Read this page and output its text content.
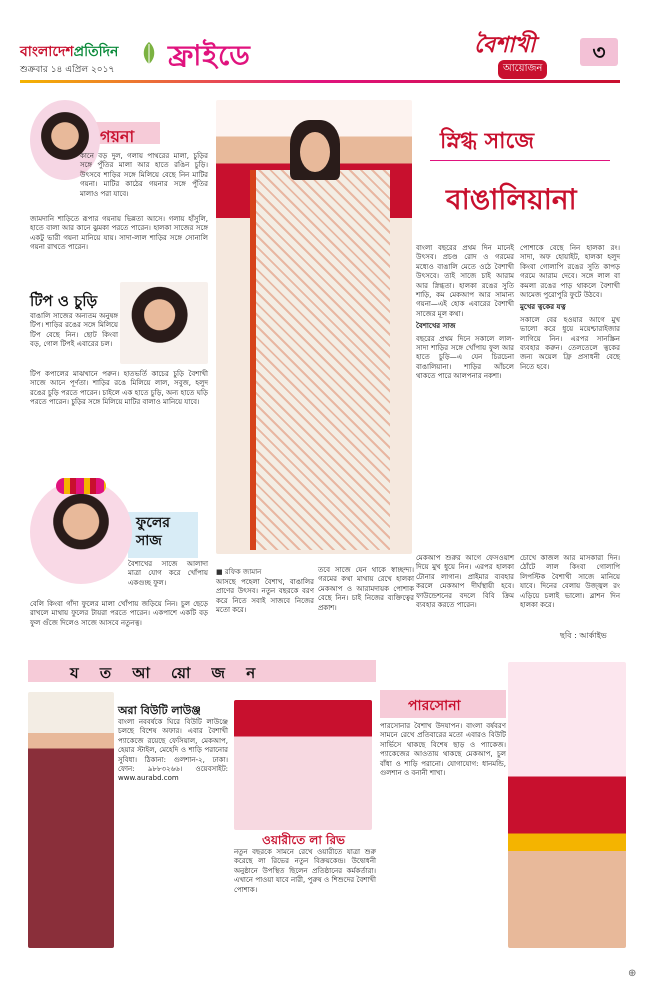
বাংলাদেশপ্রতিদিন
শুক্রবার ১৪ এপ্রিল ২০১৭ ফ্রাইডে	বৈশাখী
আয়োজন
৩
গয়না
কানে বড় দুল, গলায় পাথরের মালা, চুড়ির সঙ্গে পুঁতির মালা আর হাতে রঙিন চুড়ি। উৎসবে শাড়ির সঙ্গে মিলিয়ে বেছে নিন মাটির গয়না। মাটির কাঠের গয়নার সঙ্গে পুঁতির মালাও পরা যাবে।
জামদানি শাড়িতে রূপার গয়নায় ভিন্নতা আসে। গলায় হাঁসুলি, হাতে বালা আর কানে ঝুমকা পরতে পারেন। হালকা সাজের সঙ্গে একটু ভারী গয়না মানিয়ে যায়। সাদা-লাল শাড়ির সঙ্গে সোনালি গয়না রাখতে পারেন।
টিপ ও চুড়ি
বাঙালি সাজের অন্যতম অনুষঙ্গ টিপ। শাড়ির রঙের সঙ্গে মিলিয়ে টিপ বেছে নিন। ছোট কিংবা বড়, গোল টিপই এবারের চল।
টিপ কপালের মাঝখানে পরুন। হাতভর্তি কাচের চুড়ি বৈশাখী সাজে আনে পূর্ণতা। শাড়ির রঙে মিলিয়ে লাল, সবুজ, হলুদ রঙের চুড়ি পরতে পারেন। চাইলে এক হাতে চুড়ি, অন্য হাতে ঘড়ি পরতে পারেন। চুড়ির সঙ্গে মিলিয়ে মাটির বালাও মানিয়ে যাবে।
ফুলের
সাজ
বৈশাখের সাজে আলাদা মাত্রা যোগ করে খোঁপায় একগুচ্ছ ফুল।
বেলি কিংবা গাঁদা ফুলের মালা খোঁপায় জড়িয়ে নিন। চুল ছেড়ে রাখলে মাথায় ফুলের টায়রা পরতে পারেন। একপাশে একটি বড় ফুল গুঁজে দিলেও সাজে আসবে নতুনত্ব।
স্নিগ্ধ সাজে
বাঙালিয়ানা

বাংলা বছরের প্রথম দিন মানেই উৎসব। প্রচণ্ড রোদ ও গরমের মধ্যেও বাঙালি মেতে ওঠে বৈশাখী উৎসবে। তাই সাজে চাই আরাম আর স্নিগ্ধতা। হালকা রঙের সুতি শাড়ি, কম মেকআপ আর সামান্য গয়না—এই হোক এবারের বৈশাখী সাজের মূল কথা।

বৈশাখের সাজ

বছরের প্রথম দিনে সকালে লাল-সাদা শাড়ির সঙ্গে খোঁপায় ফুল আর হাতে চুড়ি—এ যেন চিরচেনা বাঙালিয়ানা। শাড়ির আঁচলে থাকতে পারে আলপনার নকশা।

পোশাকে বেছে নিন হালকা রং। সাদা, অফ হোয়াইট, হালকা হলুদ কিংবা গোলাপি রঙের সুতি কাপড় গরমে আরাম দেবে। সঙ্গে লাল বা কমলা রঙের পাড় থাকলে বৈশাখী আমেজ পুরোপুরি ফুটে উঠবে।

মুখের ত্বকের যত্ন

সকালে বের হওয়ার আগে মুখ ভালো করে ধুয়ে ময়েশ্চারাইজার লাগিয়ে নিন। এরপর সানস্ক্রিন ব্যবহার করুন। তেলতেলে ত্বকের জন্য অয়েল ফ্রি প্রসাধনী বেছে নিতে হবে।

■ রফিক জামান
আসছে পহেলা বৈশাখ, বাঙালির প্রাণের উৎসব। নতুন বছরকে বরণ করে নিতে সবাই সাজবে নিজের মতো করে।
তবে সাজে যেন থাকে স্বাচ্ছন্দ্য। গরমের কথা মাথায় রেখে হালকা মেকআপ ও আরামদায়ক পোশাক বেছে নিন। চাই নিজের ব্যক্তিত্বের প্রকাশ।
মেকআপ শুরুর আগে ফেসওয়াশ দিয়ে মুখ ধুয়ে নিন। এরপর হালকা টোনার লাগান। প্রাইমার ব্যবহার করলে মেকআপ দীর্ঘস্থায়ী হবে। ফাউন্ডেশনের বদলে বিবি ক্রিম ব্যবহার করতে পারেন।
চোখে কাজল আর মাসকারা দিন। ঠোঁটে লাল কিংবা গোলাপি লিপস্টিক বৈশাখী সাজে মানিয়ে যাবে। দিনের বেলায় উজ্জ্বল রং এড়িয়ে চলাই ভালো। ব্লাশন দিন হালকা করে।
ছবি : আর্কাইভ
য ত আ য়ো জ ন
অরা বিউটি লাউঞ্জ
বাংলা নববর্ষকে ঘিরে বিউটি লাউঞ্জে চলছে বিশেষ অফার। এবার বৈশাখী প্যাকেজে রয়েছে ফেসিয়াল, মেকআপ, হেয়ার স্টাইল, মেহেদি ও শাড়ি পরানোর সুবিধা। ঠিকানা: গুলশান-২, ঢাকা। ফোন: ৯৮৮৩২৬৬। ওয়েবসাইট: www.aurabd.com
ওয়ারীতে লা রিভ
নতুন বছরকে সামনে রেখে ওয়ারীতে যাত্রা শুরু করেছে লা রিভের নতুন বিক্রয়কেন্দ্র। উদ্বোধনী অনুষ্ঠানে উপস্থিত ছিলেন প্রতিষ্ঠানের কর্মকর্তারা। এখানে পাওয়া যাবে নারী, পুরুষ ও শিশুদের বৈশাখী পোশাক।
পারসোনা
পারসোনার বৈশাখ উদযাপন। বাংলা বর্ষবরণ সামনে রেখে প্রতিবারের মতো এবারও বিউটি সার্ভিসে থাকছে বিশেষ ছাড় ও প্যাকেজ। প্যাকেজের আওতায় থাকছে মেকআপ, চুল বাঁধা ও শাড়ি পরানো। যোগাযোগ: ধানমন্ডি, গুলশান ও বনানী শাখা।
⊕
